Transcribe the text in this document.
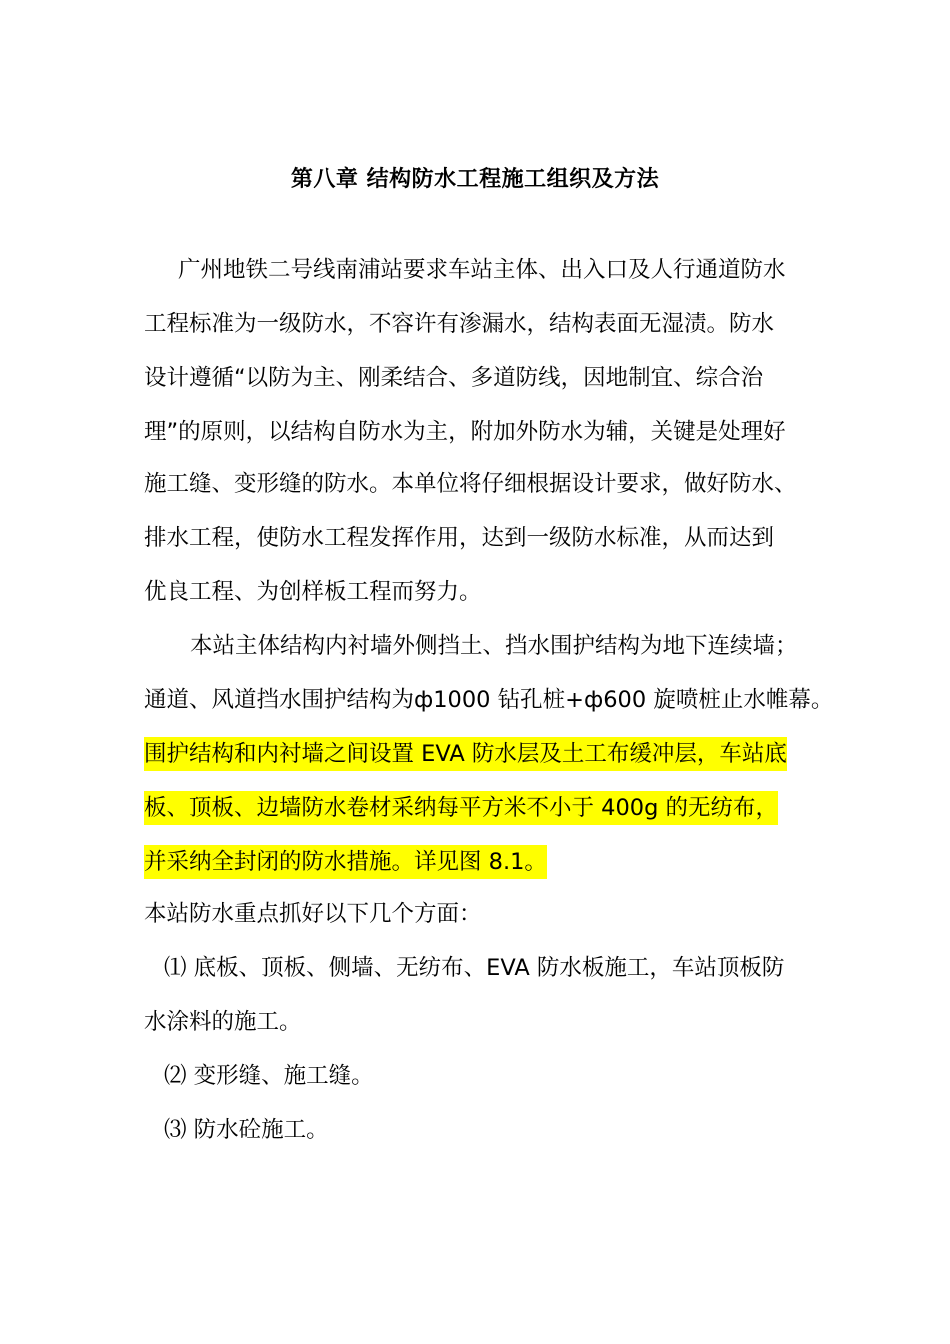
第八章 结构防水工程施工组织及方法
广州地铁二号线南浦站要求车站主体、出入口及人行通道防水
工程标准为一级防水，不容许有渗漏水，结构表面无湿渍。防水
设计遵循“以防为主、刚柔结合、多道防线，因地制宜、综合治
理”的原则，以结构自防水为主，附加外防水为辅，关键是处理好
施工缝、变形缝的防水。本单位将仔细根据设计要求，做好防水、
排水工程，使防水工程发挥作用，达到一级防水标准，从而达到
优良工程、为创样板工程而努力。
本站主体结构内衬墙外侧挡土、挡水围护结构为地下连续墙；
通道、风道挡水围护结构为ф1000 钻孔桩+ф600 旋喷桩止水帷幕。
围护结构和内衬墙之间设置 EVA 防水层及土工布缓冲层，车站底
板、顶板、边墙防水卷材采纳每平方米不小于 400g 的无纺布，
并采纳全封闭的防水措施。详见图 8.1。
本站防水重点抓好以下几个方面：
⑴ 底板、顶板、侧墙、无纺布、EVA 防水板施工，车站顶板防
水涂料的施工。
⑵ 变形缝、施工缝。
⑶ 防水砼施工。
